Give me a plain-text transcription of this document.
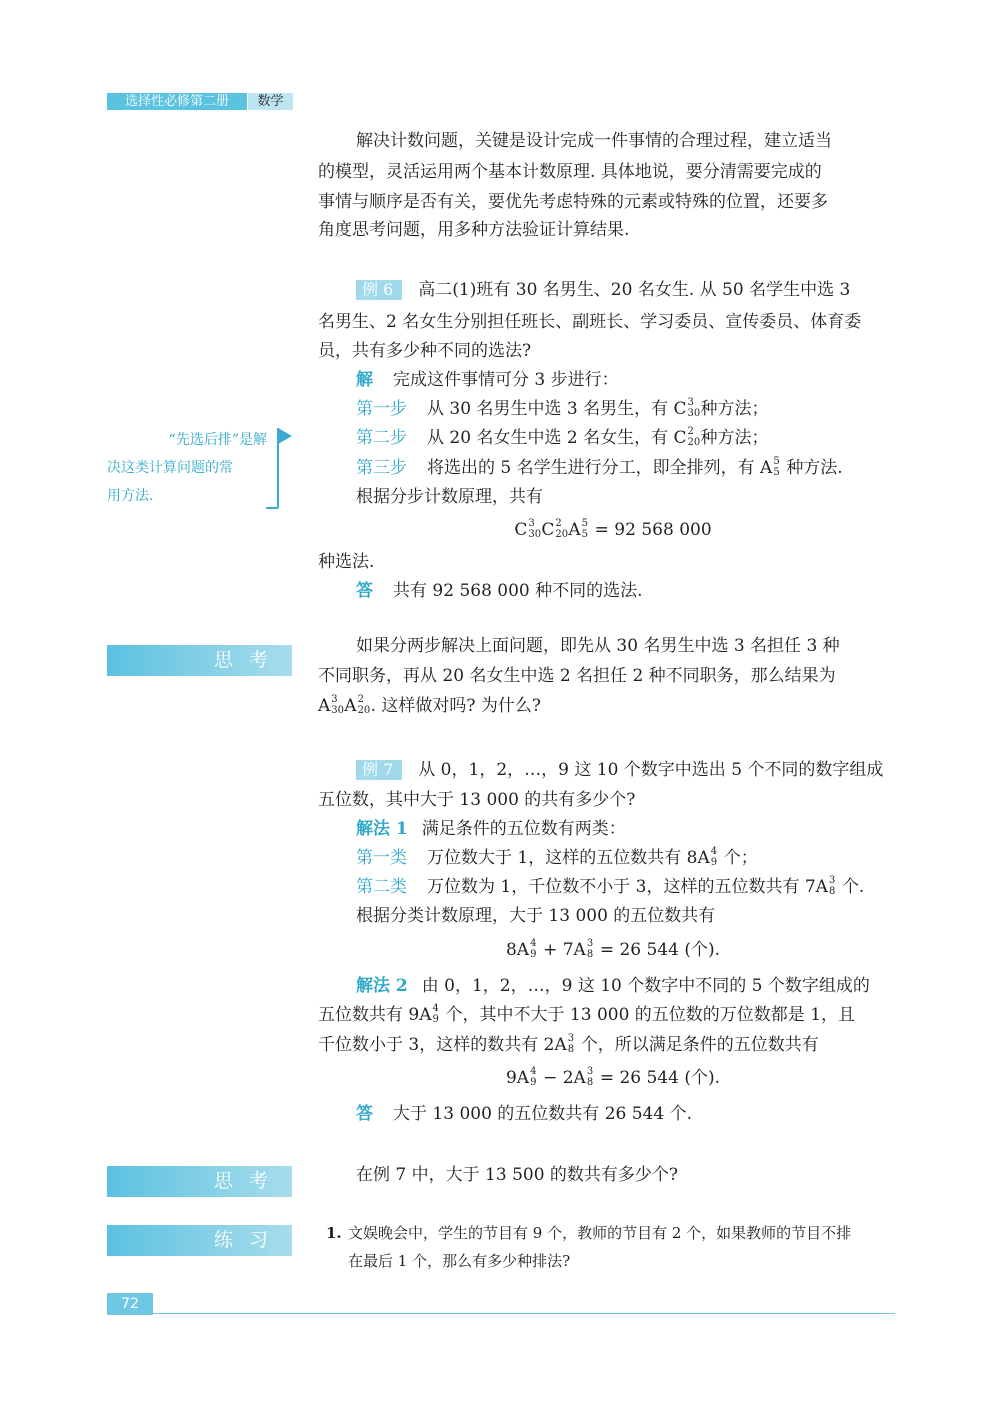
选择性必修第二册	数学
解决计数问题，关键是设计完成一件事情的合理过程，建立适当
的模型，灵活运用两个基本计数原理. 具体地说，要分清需要完成的
事情与顺序是否有关，要优先考虑特殊的元素或特殊的位置，还要多
角度思考问题，用多种方法验证计算结果.
例 6 高二(1)班有 30 名男生、20 名女生. 从 50 名学生中选 3
名男生、2 名女生分别担任班长、副班长、学习委员、宣传委员、体育委
员，共有多少种不同的选法?
解 完成这件事情可分 3 步进行：
第一步 从 30 名男生中选 3 名男生，有 C 3
30 种方法；
第二步 从 20 名女生中选 2 名女生，有 C 2
20 种方法；
第三步 将选出的 5 名学生进行分工，即全排列，有 A 5
5 种方法.
根据分步计数原理，共有
C 3
30 C 2
20 A 5
5 = 92 568 000
种选法.
答 共有 92 568 000 种不同的选法.
“先选后排”是解
决这类计算问题的常
用方法.
思考
如果分两步解决上面问题，即先从 30 名男生中选 3 名担任 3 种
不同职务，再从 20 名女生中选 2 名担任 2 种不同职务，那么结果为
A 3
30 A 2
20 . 这样做对吗? 为什么?
例 7 从 0，1，2，…，9 这 10 个数字中选出 5 个不同的数字组成
五位数，其中大于 13 000 的共有多少个?
解法 1 满足条件的五位数有两类：
第一类 万位数大于 1，这样的五位数共有 8A 4
9 个；
第二类 万位数为 1，千位数不小于 3，这样的五位数共有 7A 3
8 个.
根据分类计数原理，大于 13 000 的五位数共有
8A 4
9 + 7A 3
8 = 26 544 (个).
解法 2 由 0，1，2，…，9 这 10 个数字中不同的 5 个数字组成的
五位数共有 9A 4
9 个，其中不大于 13 000 的五位数的万位数都是 1，且
千位数小于 3，这样的数共有 2A 3
8 个，所以满足条件的五位数共有
9A 4
9 − 2A 3
8 = 26 544 (个).
答 大于 13 000 的五位数共有 26 544 个.
思考	在例 7 中，大于 13 500 的数共有多少个?
练习	1. 文娱晚会中，学生的节目有 9 个，教师的节目有 2 个，如果教师的节目不排
在最后 1 个，那么有多少种排法?
72
